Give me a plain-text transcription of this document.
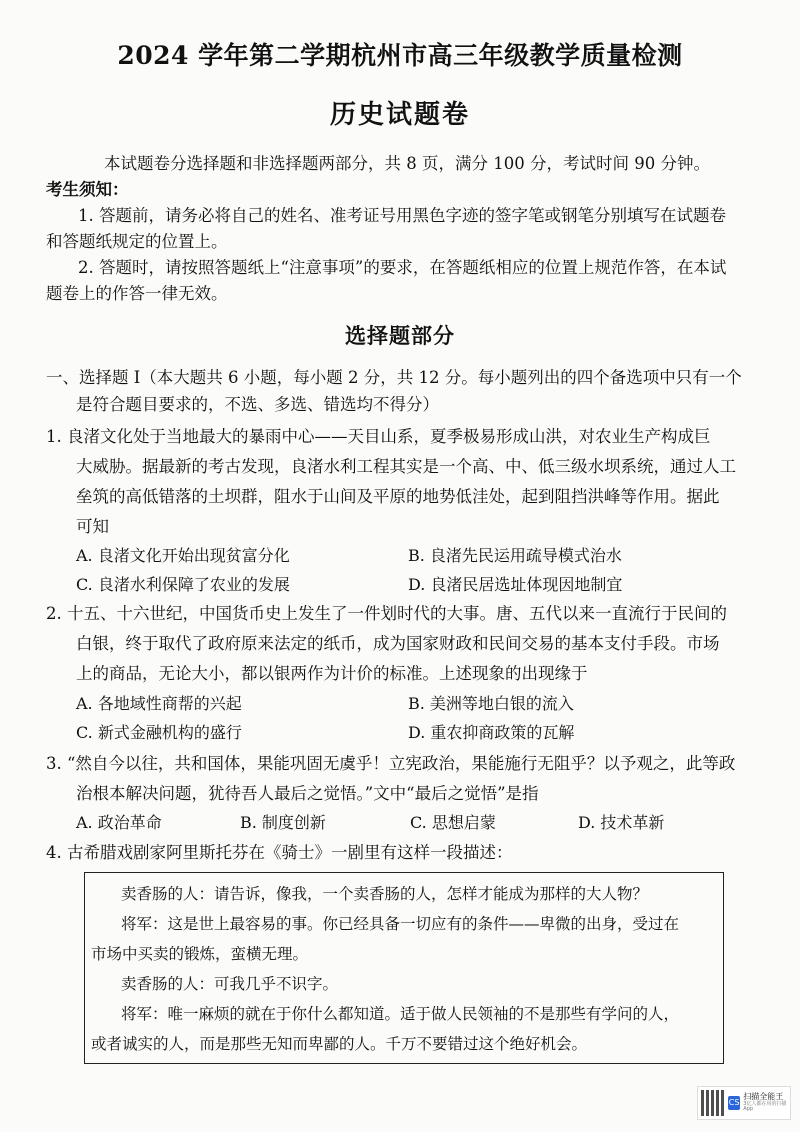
2024 学年第二学期杭州市高三年级教学质量检测
历史试题卷
本试题卷分选择题和非选择题两部分，共 8 页，满分 100 分，考试时间 90 分钟。
考生须知：
1. 答题前，请务必将自己的姓名、准考证号用黑色字迹的签字笔或钢笔分别填写在试题卷
和答题纸规定的位置上。
2. 答题时，请按照答题纸上“注意事项”的要求，在答题纸相应的位置上规范作答，在本试
题卷上的作答一律无效。
选择题部分
一、选择题 Ⅰ（本大题共 6 小题，每小题 2 分，共 12 分。每小题列出的四个备选项中只有一个
是符合题目要求的，不选、多选、错选均不得分）
1. 良渚文化处于当地最大的暴雨中心——天目山系，夏季极易形成山洪，对农业生产构成巨
大威胁。据最新的考古发现，良渚水利工程其实是一个高、中、低三级水坝系统，通过人工
垒筑的高低错落的土坝群，阻水于山间及平原的地势低洼处，起到阻挡洪峰等作用。据此
可知
A. 良渚文化开始出现贫富分化	B. 良渚先民运用疏导模式治水
C. 良渚水利保障了农业的发展	D. 良渚民居选址体现因地制宜
2. 十五、十六世纪，中国货币史上发生了一件划时代的大事。唐、五代以来一直流行于民间的
白银，终于取代了政府原来法定的纸币，成为国家财政和民间交易的基本支付手段。市场
上的商品，无论大小，都以银两作为计价的标准。上述现象的出现缘于
A. 各地域性商帮的兴起	B. 美洲等地白银的流入
C. 新式金融机构的盛行	D. 重农抑商政策的瓦解
3. “然自今以往，共和国体，果能巩固无虞乎！立宪政治，果能施行无阻乎？以予观之，此等政
治根本解决问题，犹待吾人最后之觉悟。”文中“最后之觉悟”是指
A. 政治革命	B. 制度创新	C. 思想启蒙	D. 技术革新
4. 古希腊戏剧家阿里斯托芬在《骑士》一剧里有这样一段描述：
卖香肠的人：请告诉，像我，一个卖香肠的人，怎样才能成为那样的大人物？
将军：这是世上最容易的事。你已经具备一切应有的条件——卑微的出身，受过在
市场中买卖的锻炼，蛮横无理。
卖香肠的人：可我几乎不识字。
将军：唯一麻烦的就在于你什么都知道。适于做人民领袖的不是那些有学问的人，
或者诚实的人，而是那些无知而卑鄙的人。千万不要错过这个绝好机会。
CS
扫描全能王
3亿人都在用的扫描App
